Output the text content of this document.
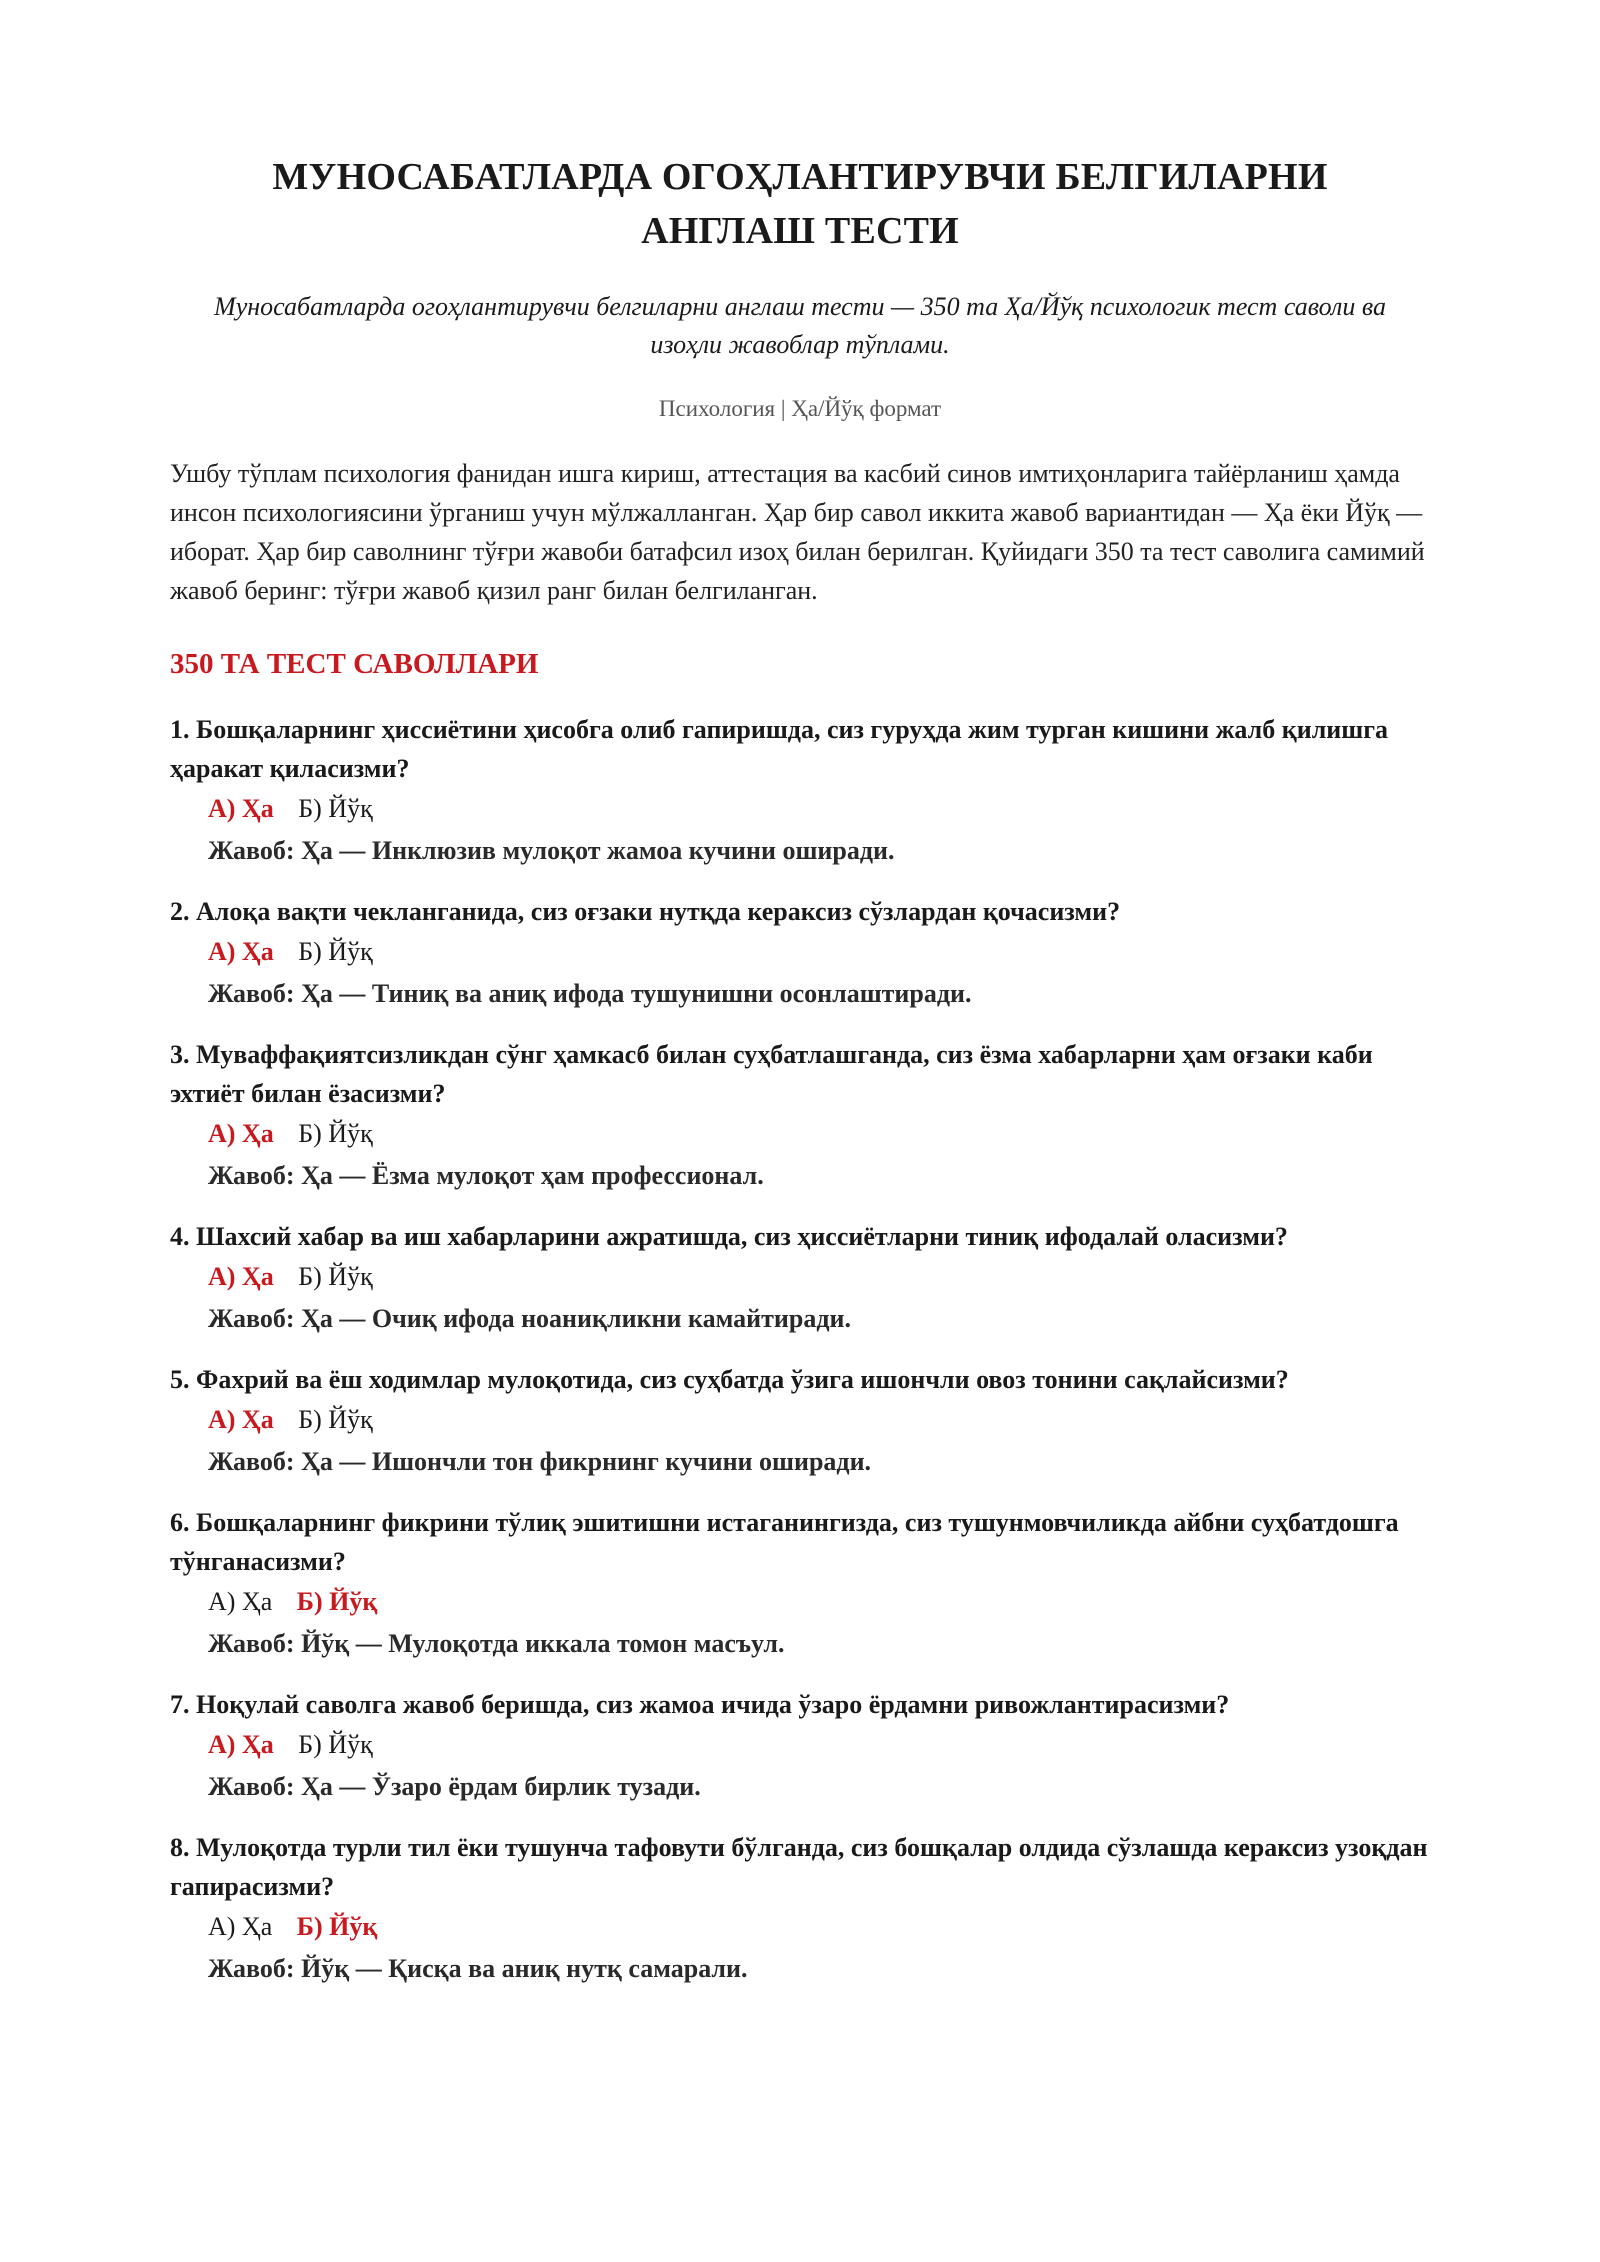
МУНОСАБАТЛАРДА ОГОҲЛАНТИРУВЧИ БЕЛГИЛАРНИ АНГЛАШ ТЕСТИ
Муносабатларда огоҳлантирувчи белгиларни англаш тести — 350 та Ҳа/Йўқ психологик тест саволи ва изоҳли жавоблар тўплами.
Психология | Ҳа/Йўқ формат
Ушбу тўплам психология фанидан ишга кириш, аттестация ва касбий синов имтиҳонларига тайёрланиш ҳамда инсон психологиясини ўрганиш учун мўлжалланган. Ҳар бир савол иккита жавоб вариантидан — Ҳа ёки Йўқ — иборат. Ҳар бир саволнинг тўғри жавоби батафсил изоҳ билан берилган. Қуйидаги 350 та тест саволига самимий жавоб беринг: тўғри жавоб қизил ранг билан белгиланган.
350 ТА ТЕСТ САВОЛЛАРИ
1. Бошқаларнинг ҳиссиётини ҳисобга олиб гапиришда, сиз гуруҳда жим турган кишини жалб қилишга ҳаракат қиласизми?
А) Ҳа Б) Йўқ
Жавоб: Ҳа — Инклюзив мулоқот жамоа кучини оширади.
2. Алоқа вақти чекланганида, сиз оғзаки нутқда кераксиз сўзлардан қочасизми?
А) Ҳа Б) Йўқ
Жавоб: Ҳа — Тиниқ ва аниқ ифода тушунишни осонлаштиради.
3. Муваффақиятсизликдан сўнг ҳамкасб билан суҳбатлашганда, сиз ёзма хабарларни ҳам оғзаки каби эхтиёт билан ёзасизми?
А) Ҳа Б) Йўқ
Жавоб: Ҳа — Ёзма мулоқот ҳам профессионал.
4. Шахсий хабар ва иш хабарларини ажратишда, сиз ҳиссиётларни тиниқ ифодалай оласизми?
А) Ҳа Б) Йўқ
Жавоб: Ҳа — Очиқ ифода ноаниқликни камайтиради.
5. Фахрий ва ёш ходимлар мулоқотида, сиз суҳбатда ўзига ишончли овоз тонини сақлайсизми?
А) Ҳа Б) Йўқ
Жавоб: Ҳа — Ишончли тон фикрнинг кучини оширади.
6. Бошқаларнинг фикрини тўлиқ эшитишни истаганингизда, сиз тушунмовчиликда айбни суҳбатдошга тўнганасизми?
А) Ҳа Б) Йўқ
Жавоб: Йўқ — Мулоқотда иккала томон масъул.
7. Ноқулай саволга жавоб беришда, сиз жамоа ичида ўзаро ёрдамни ривожлантирасизми?
А) Ҳа Б) Йўқ
Жавоб: Ҳа — Ўзаро ёрдам бирлик тузади.
8. Мулоқотда турли тил ёки тушунча тафовути бўлганда, сиз бошқалар олдида сўзлашда кераксиз узоқдан гапирасизми?
А) Ҳа Б) Йўқ
Жавоб: Йўқ — Қисқа ва аниқ нутқ самарали.
